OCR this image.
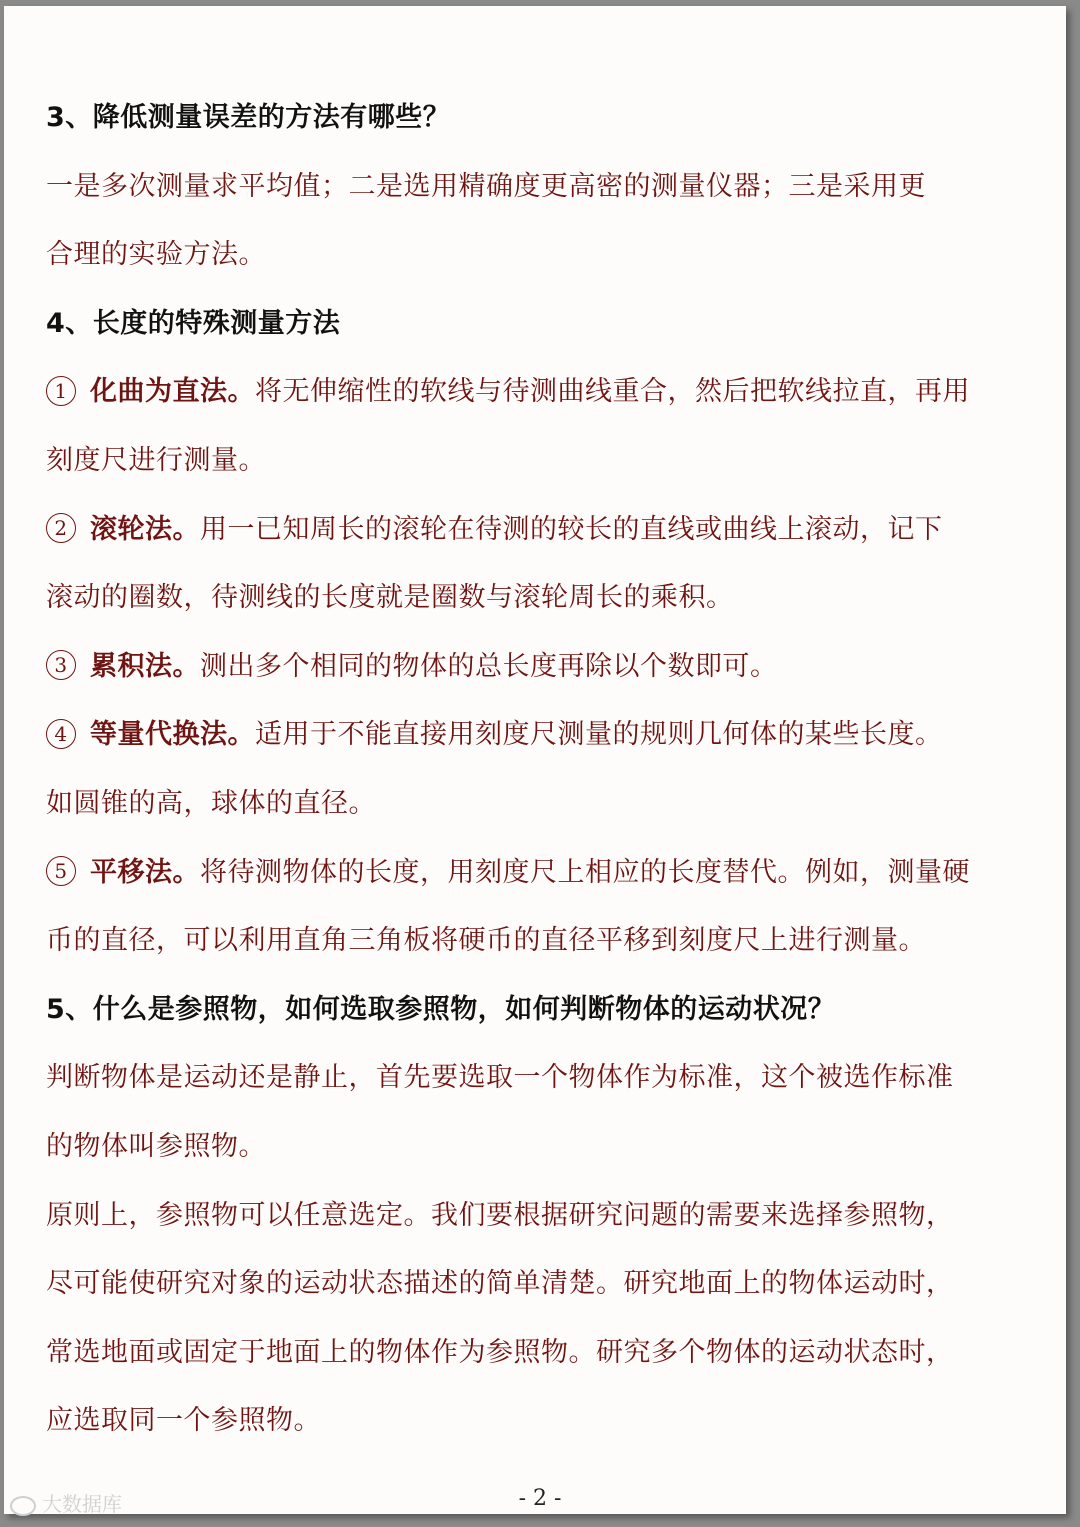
3、降低测量误差的方法有哪些？
一是多次测量求平均值；二是选用精确度更高密的测量仪器；三是采用更
合理的实验方法。
4、长度的特殊测量方法
1 化曲为直法。将无伸缩性的软线与待测曲线重合，然后把软线拉直，再用
刻度尺进行测量。
2 滚轮法。用一已知周长的滚轮在待测的较长的直线或曲线上滚动，记下
滚动的圈数，待测线的长度就是圈数与滚轮周长的乘积。
3 累积法。测出多个相同的物体的总长度再除以个数即可。
4 等量代换法。适用于不能直接用刻度尺测量的规则几何体的某些长度。
如圆锥的高，球体的直径。
5 平移法。将待测物体的长度，用刻度尺上相应的长度替代。例如，测量硬
币的直径，可以利用直角三角板将硬币的直径平移到刻度尺上进行测量。
5、什么是参照物，如何选取参照物，如何判断物体的运动状况？
判断物体是运动还是静止，首先要选取一个物体作为标准，这个被选作标准
的物体叫参照物。
原则上，参照物可以任意选定。我们要根据研究问题的需要来选择参照物，
尽可能使研究对象的运动状态描述的简单清楚。研究地面上的物体运动时，
常选地面或固定于地面上的物体作为参照物。研究多个物体的运动状态时，
应选取同一个参照物。
大数据库	- 2 -
